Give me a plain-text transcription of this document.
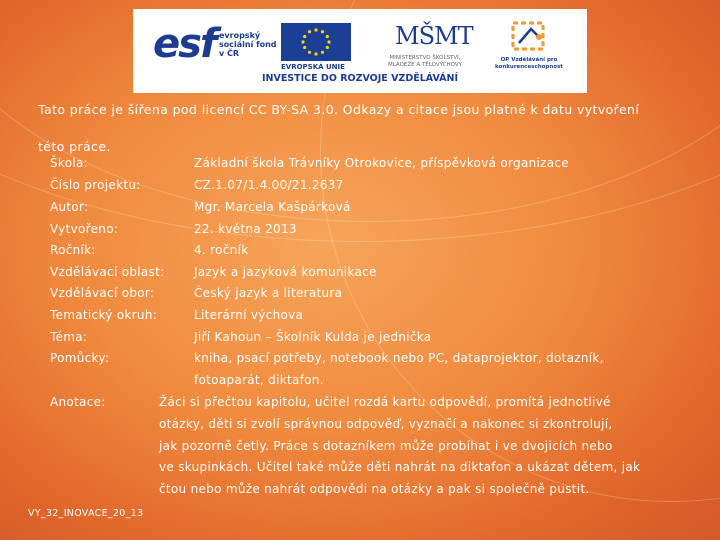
esf evropský sociální fond v ČR
EVROPSKÁ UNIE
MŠMT
MINISTERSTVO ŠKOLSTVÍ, MLÁDEŽE A TĚLOVÝCHOVY
OP Vzdělávání pro konkurenceschopnost
INVESTICE DO ROZVOJE VZDĚLÁVÁNÍ
Tato práce je šířena pod licencí CC BY-SA 3.0. Odkazy a citace jsou platné k datu vytvoření
této práce.
Škola:	Základní škola Trávníky Otrokovice, příspěvková organizace
Číslo projektu:	CZ.1.07/1.4.00/21.2637
Autor:	Mgr. Marcela Kašpárková
Vytvořeno:	22. května 2013
Ročník:	4. ročník
Vzdělávací oblast: Jazyk a jazyková komunikace
Vzdělávací obor:	Český jazyk a literatura
Tematický okruh:	Literární výchova
Téma:	Jiří Kahoun – Školník Kulda je jednička
Pomůcky:	kniha, psací potřeby, notebook nebo PC, dataprojektor, dotazník,
fotoaparát, diktafon.
Anotace:	Žáci si přečtou kapitolu, učitel rozdá kartu odpovědí, promítá jednotlivé
otázky, děti si zvolí správnou odpověď, vyznačí a nakonec si zkontrolují,
jak pozorně četly. Práce s dotazníkem může probíhat i ve dvojicích nebo
ve skupinkách. Učitel také může děti nahrát na diktafon a ukázat dětem, jak
čtou nebo může nahrát odpovědi na otázky a pak si společně pustit.
VY_32_INOVACE_20_13
